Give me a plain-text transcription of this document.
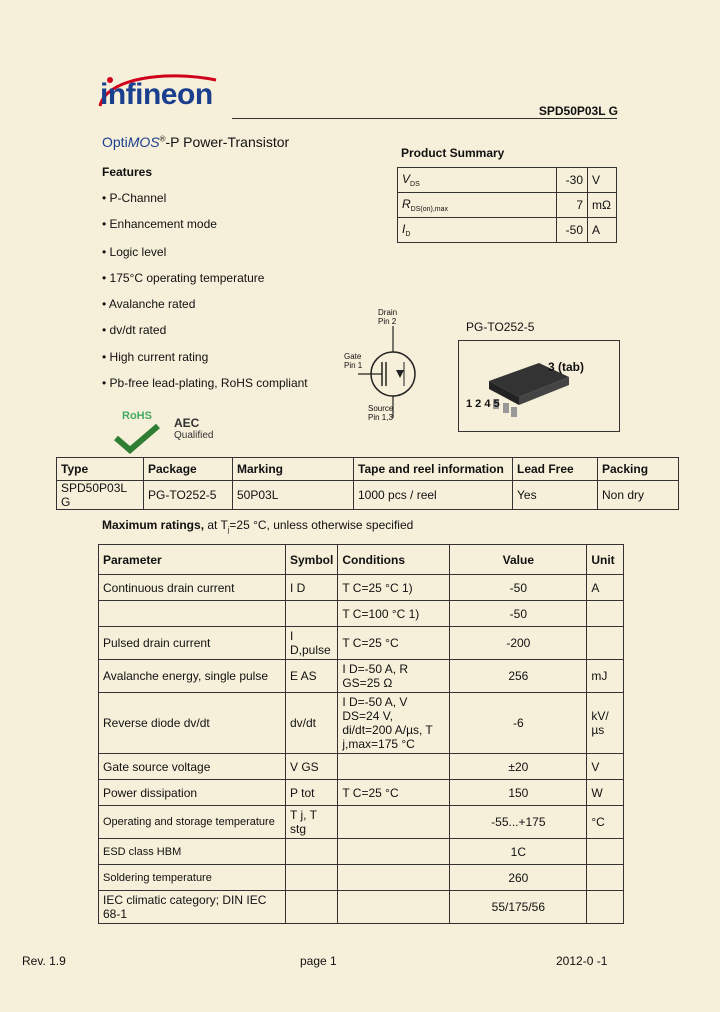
infineon	SPD50P03L G
OptiMOS®-P Power-Transistor
Features
• P-Channel
• Enhancement mode
• Logic level
• 175°C operating temperature
• Avalanche rated
• dv/dt rated
• High current rating
• Pb-free lead-plating, RoHS compliant
Product Summary
$V_{DS}$	-30	V
$R_{DS(on),max}$	7	mΩ
$I_D$	-50	A
Drain Pin 2
Gate Pin 1
Source Pin 1,3
PG-TO252-5
3 (tab)
1 2 4 5
RoHS	AEC
Qualified
Type	Package	Marking	Tape and reel information	Lead Free	Packing
SPD50P03L G	PG-TO252-5	50P03L	1000 pcs / reel	Yes	Non dry
Maximum ratings, at $T_j=25$ °C, unless otherwise specified
Parameter	Symbol	Conditions	Value	Unit
Continuous drain current	I D	T C=25 °C 1)	-50	A
		T C=100 °C 1)	-50	
Pulsed drain current	I D,pulse	T C=25 °C	-200	
Avalanche energy, single pulse	E AS	I D=-50 A, R GS=25 Ω	256	mJ
Reverse diode dv/dt	dv/dt	I D=-50 A, V DS=24 V, di/dt=200 A/µs, T j,max=175 °C	-6	kV/µs
Gate source voltage	V GS		±20	V
Power dissipation	P tot	T C=25 °C	150	W
Operating and storage temperature	T j, T stg		-55...+175	°C
ESD class HBM			1C	
Soldering temperature			260	
IEC climatic category; DIN IEC 68-1			55/175/56	
Rev. 1.9	page 1	2012-0 -1
